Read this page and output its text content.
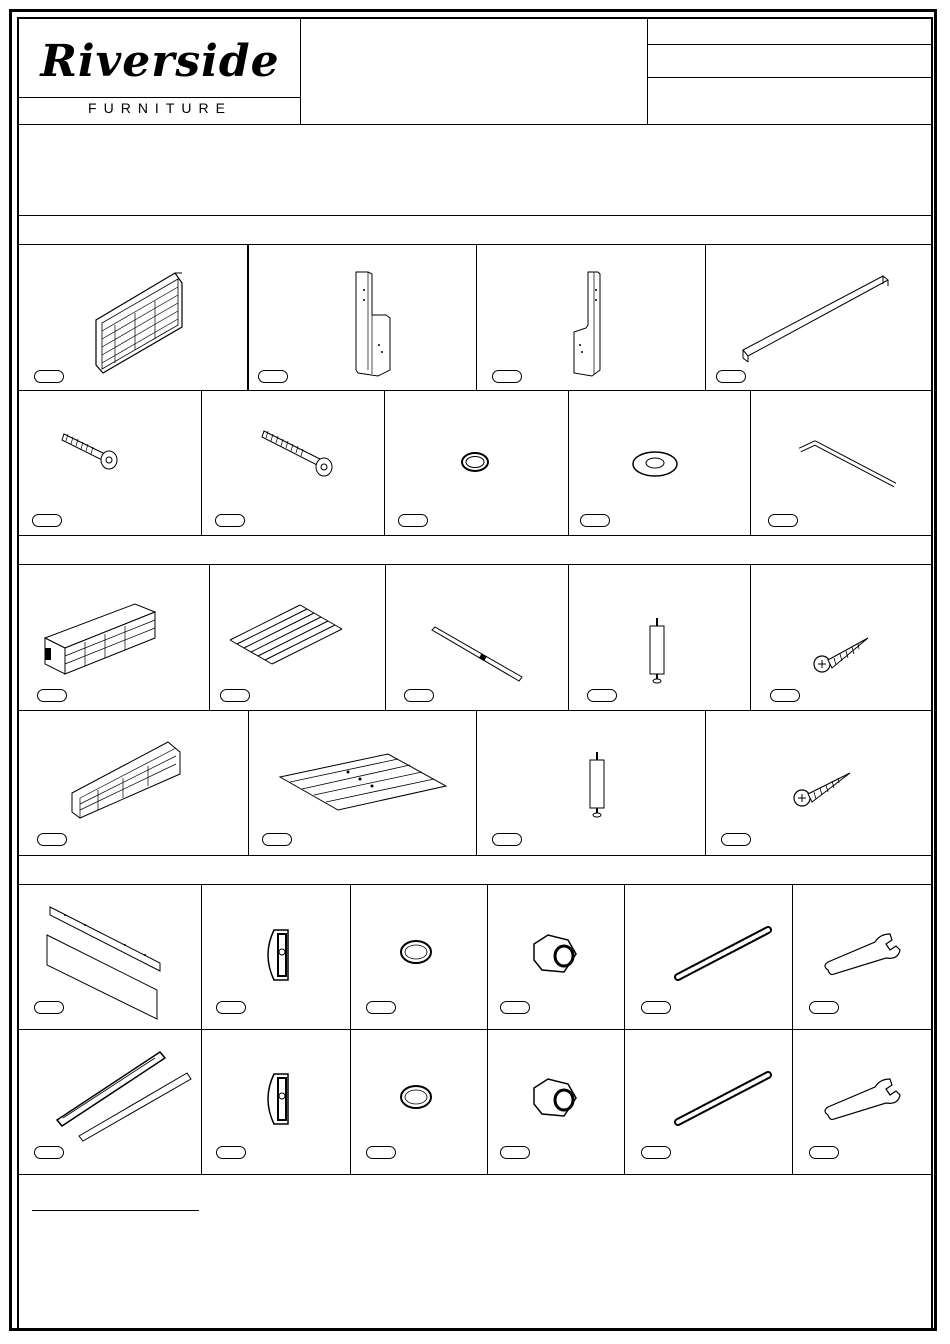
Riverside
FURNITURE
